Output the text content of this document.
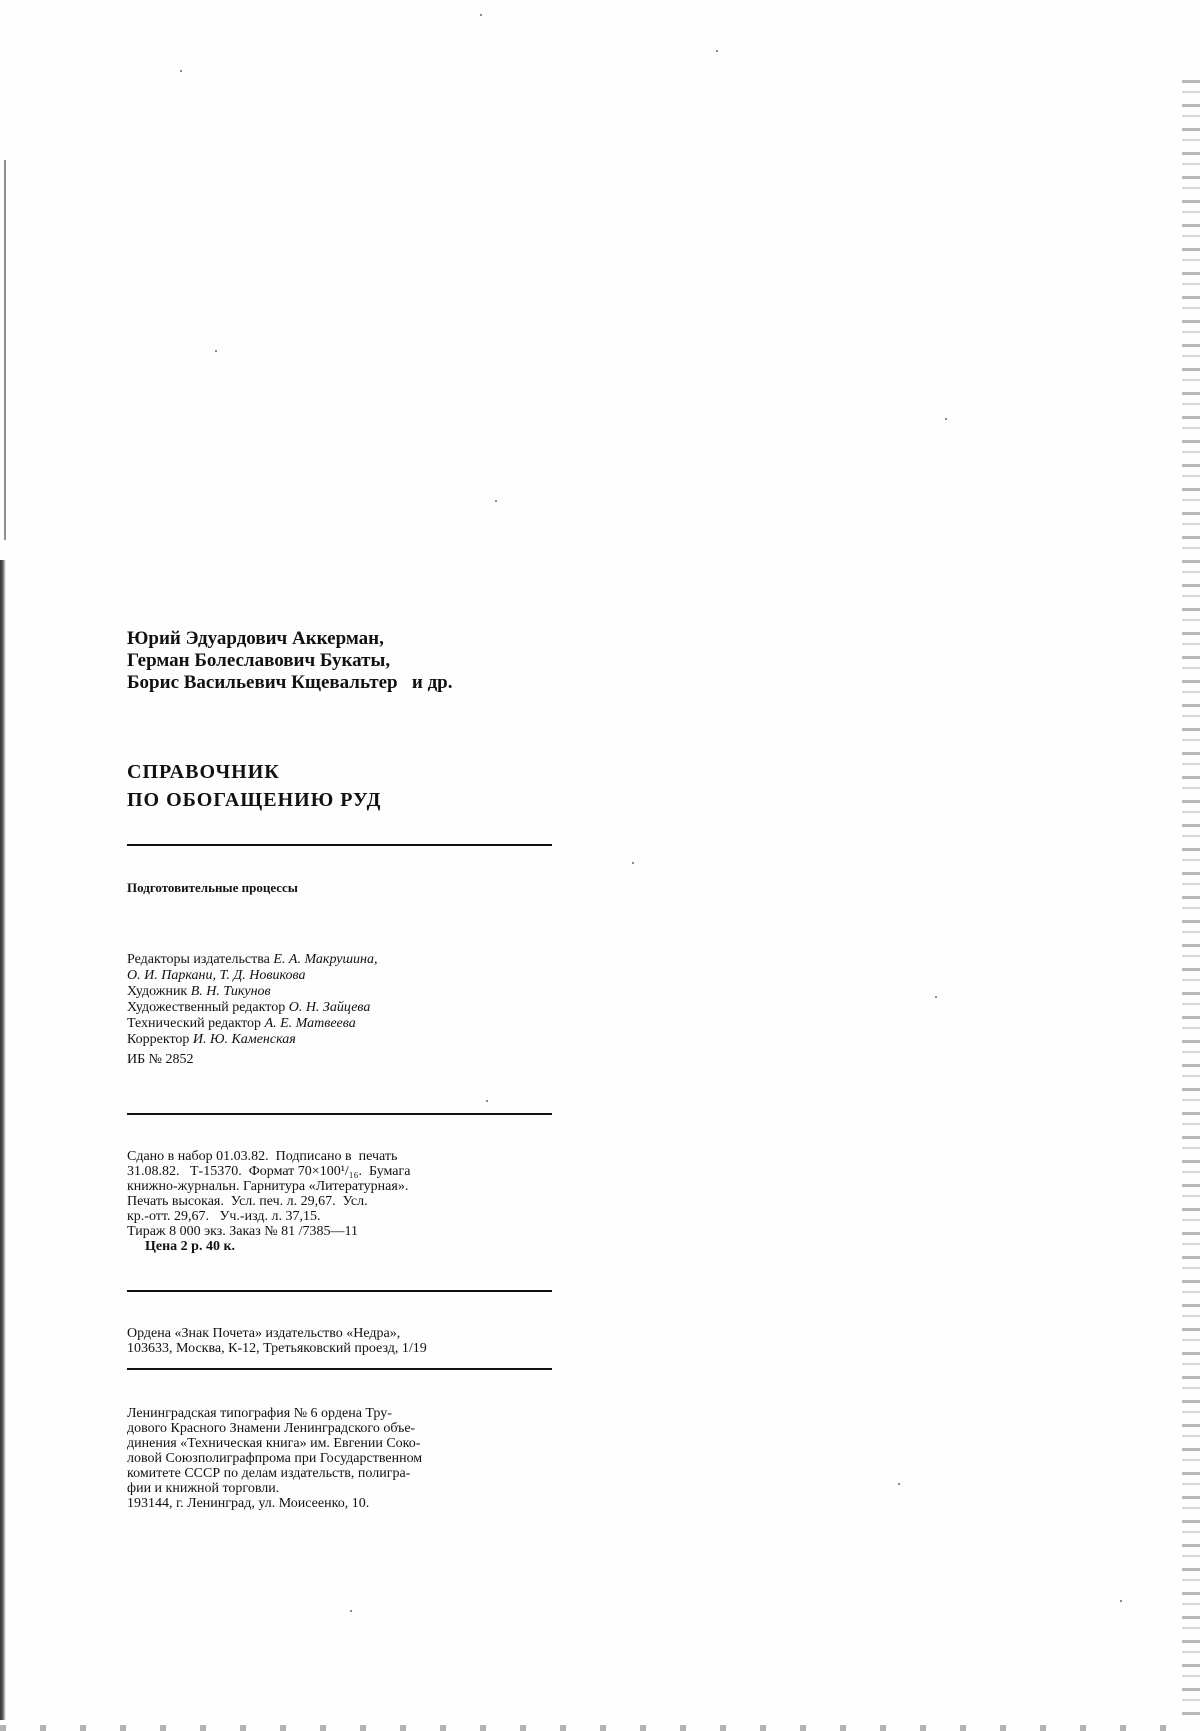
Юрий Эдуардович Аккерман,
Герман Болеславович Букаты,
Борис Васильевич Кщевальтер   и др.
СПРАВОЧНИК
ПО ОБОГАЩЕНИЮ РУД
Подготовительные процессы
Редакторы издательства Е. А. Макрушина,
О. И. Паркани, Т. Д. Новикова
Художник В. Н. Тикунов
Художественный редактор О. Н. Зайцева
Технический редактор А. Е. Матвеева
Корректор И. Ю. Каменская
ИБ № 2852
Сдано в набор 01.03.82.  Подписано в  печать
31.08.82.   Т-15370.  Формат 70×100¹/₁₆.  Бумага
книжно-журнальн. Гарнитура «Литературная».
Печать высокая.  Усл. печ. л. 29,67.  Усл.
кр.-отт. 29,67.   Уч.-изд. л. 37,15.
Тираж 8 000 экз. Заказ № 81 /7385—11
Цена 2 р. 40 к.
Ордена «Знак Почета» издательство «Недра»,
103633, Москва, К-12, Третьяковский проезд, 1/19
Ленинградская типография № 6 ордена Тру-
дового Красного Знамени Ленинградского объе-
динения «Техническая книга» им. Евгении Соко-
ловой Союзполиграфпрома при Государственном
комитете СССР по делам издательств, полигра-
фии и книжной торговли.
193144, г. Ленинград, ул. Моисеенко, 10.
